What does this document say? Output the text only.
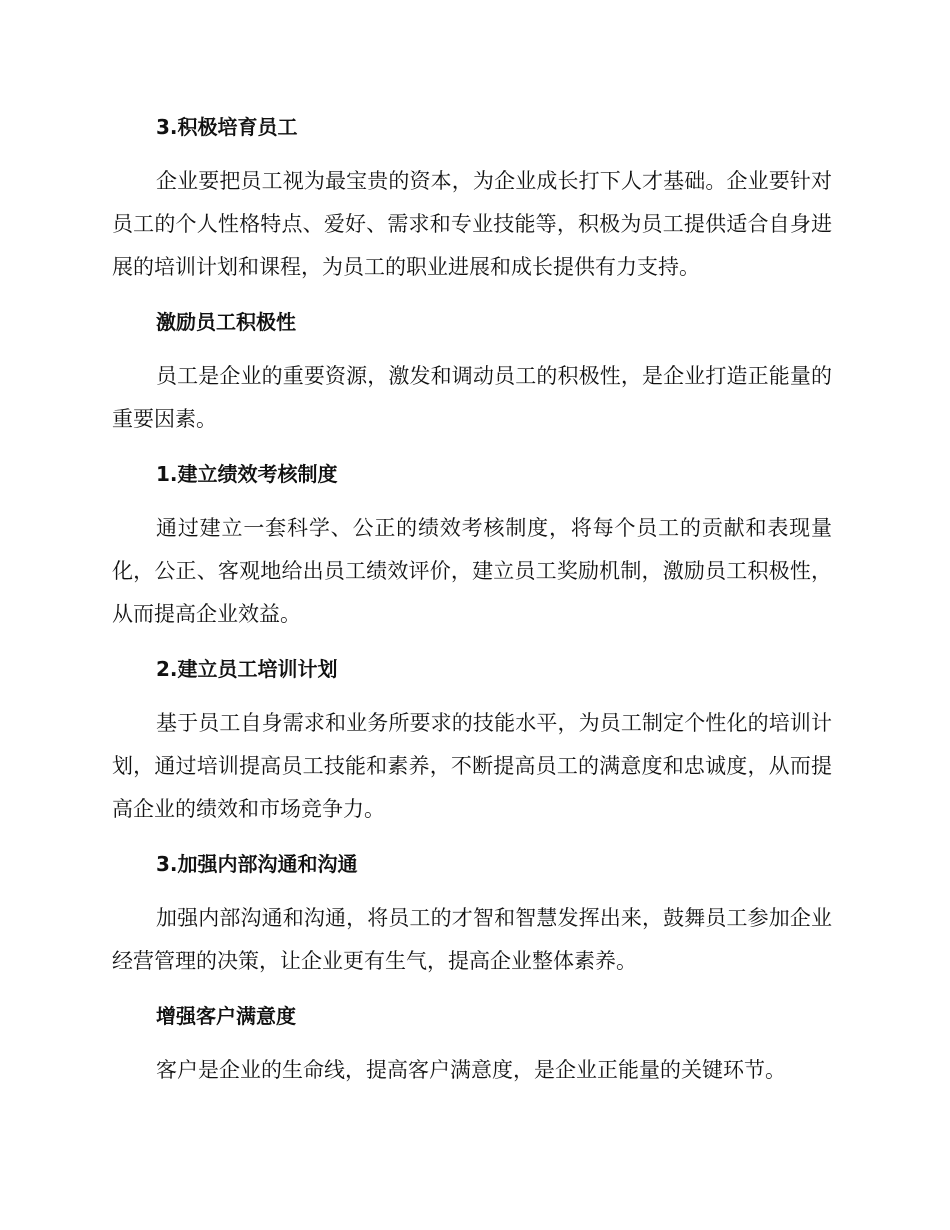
3.积极培育员工

企业要把员工视为最宝贵的资本，为企业成长打下人才基础。企业要针对员工的个人性格特点、爱好、需求和专业技能等，积极为员工提供适合自身进展的培训计划和课程，为员工的职业进展和成长提供有力支持。

激励员工积极性

员工是企业的重要资源，激发和调动员工的积极性，是企业打造正能量的重要因素。

1.建立绩效考核制度

通过建立一套科学、公正的绩效考核制度，将每个员工的贡献和表现量化，公正、客观地给出员工绩效评价，建立员工奖励机制，激励员工积极性，从而提高企业效益。

2.建立员工培训计划

基于员工自身需求和业务所要求的技能水平，为员工制定个性化的培训计划，通过培训提高员工技能和素养，不断提高员工的满意度和忠诚度，从而提高企业的绩效和市场竞争力。

3.加强内部沟通和沟通

加强内部沟通和沟通，将员工的才智和智慧发挥出来，鼓舞员工参加企业经营管理的决策，让企业更有生气，提高企业整体素养。

增强客户满意度

客户是企业的生命线，提高客户满意度，是企业正能量的关键环节。
